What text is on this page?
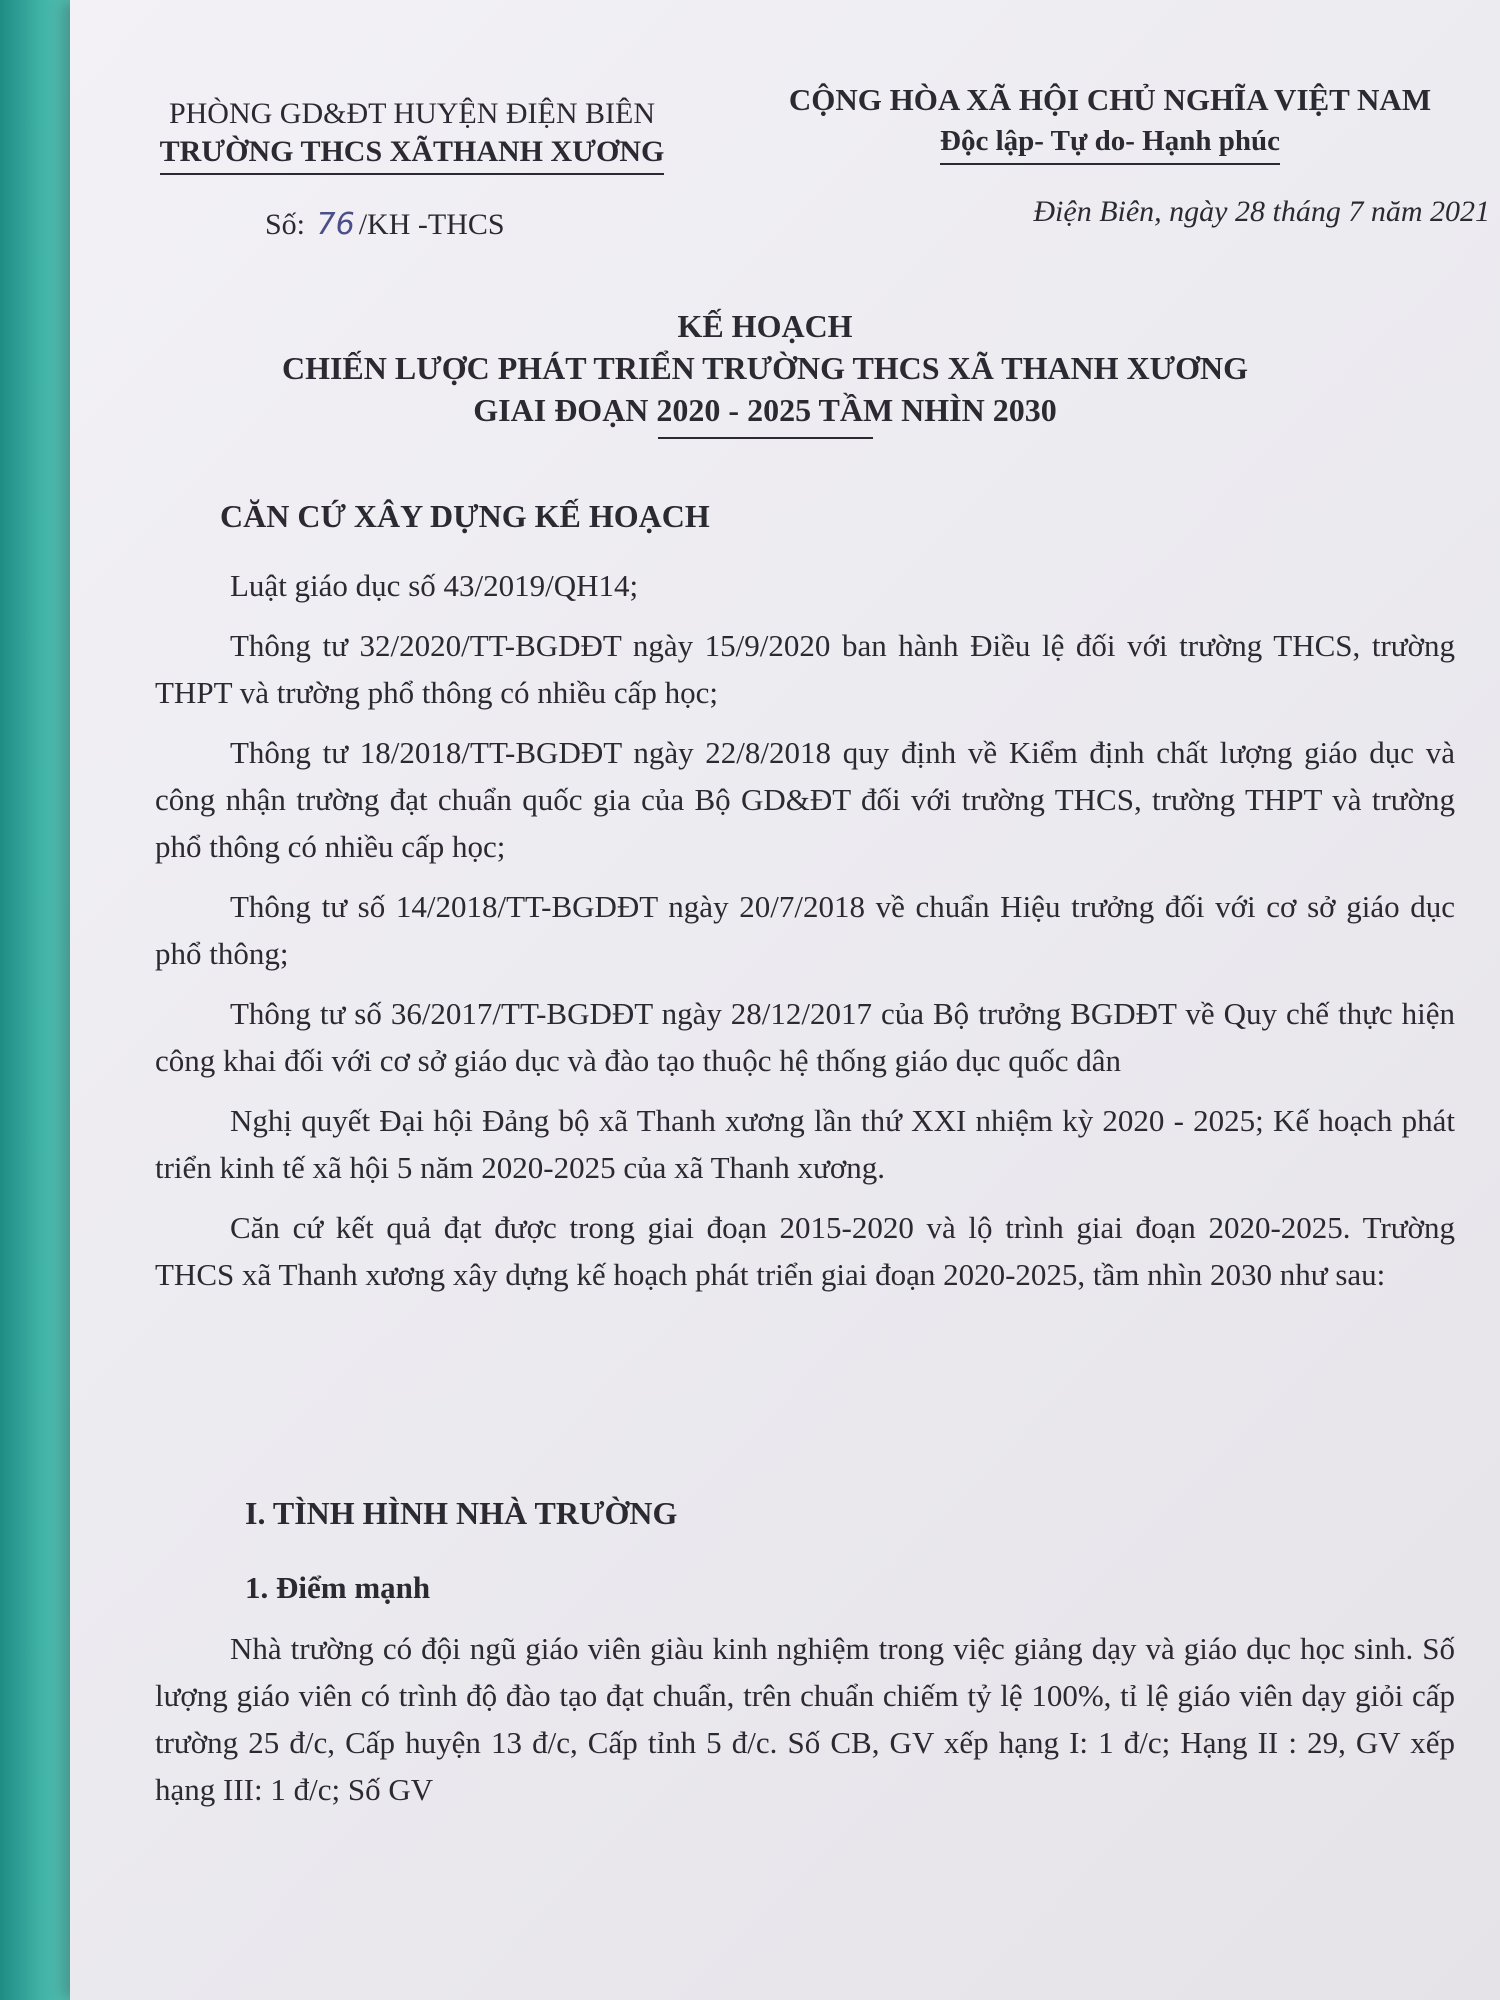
PHÒNG GD&ĐT HUYỆN ĐIỆN BIÊN
TRƯỜNG THCS XÃTHANH XƯƠNG
CỘNG HÒA XÃ HỘI CHỦ NGHĨA VIỆT NAM
Độc lập- Tự do- Hạnh phúc
Số: 76 /KH -THCS	Điện Biên, ngày 28 tháng 7 năm 2021
KẾ HOẠCH
CHIẾN LƯỢC PHÁT TRIỂN TRƯỜNG THCS XÃ THANH XƯƠNG
GIAI ĐOẠN 2020 - 2025 TẦM NHÌN 2030
CĂN CỨ XÂY DỰNG KẾ HOẠCH

Luật giáo dục số 43/2019/QH14;

Thông tư 32/2020/TT-BGDĐT ngày 15/9/2020 ban hành Điều lệ đối với trường THCS, trường THPT và trường phổ thông có nhiều cấp học;

Thông tư 18/2018/TT-BGDĐT ngày 22/8/2018 quy định về Kiểm định chất lượng giáo dục và công nhận trường đạt chuẩn quốc gia của Bộ GD&ĐT đối với trường THCS, trường THPT và trường phổ thông có nhiều cấp học;

Thông tư số 14/2018/TT-BGDĐT ngày 20/7/2018 về chuẩn Hiệu trưởng đối với cơ sở giáo dục phổ thông;

Thông tư số 36/2017/TT-BGDĐT ngày 28/12/2017 của Bộ trưởng BGDĐT về Quy chế thực hiện công khai đối với cơ sở giáo dục và đào tạo thuộc hệ thống giáo dục quốc dân

Nghị quyết Đại hội Đảng bộ xã Thanh xương lần thứ XXI nhiệm kỳ 2020 - 2025; Kế hoạch phát triển kinh tế xã hội 5 năm 2020-2025 của xã Thanh xương.

Căn cứ kết quả đạt được trong giai đoạn 2015-2020 và lộ trình giai đoạn 2020-2025. Trường THCS xã Thanh xương xây dựng kế hoạch phát triển giai đoạn 2020-2025, tầm nhìn 2030 như sau:

I. TÌNH HÌNH NHÀ TRƯỜNG
1. Điểm mạnh

Nhà trường có đội ngũ giáo viên giàu kinh nghiệm trong việc giảng dạy và giáo dục học sinh. Số lượng giáo viên có trình độ đào tạo đạt chuẩn, trên chuẩn chiếm tỷ lệ 100%, tỉ lệ giáo viên dạy giỏi cấp trường 25 đ/c, Cấp huyện 13 đ/c, Cấp tỉnh 5 đ/c. Số CB, GV xếp hạng I: 1 đ/c; Hạng II : 29, GV xếp hạng III: 1 đ/c; Số GV
